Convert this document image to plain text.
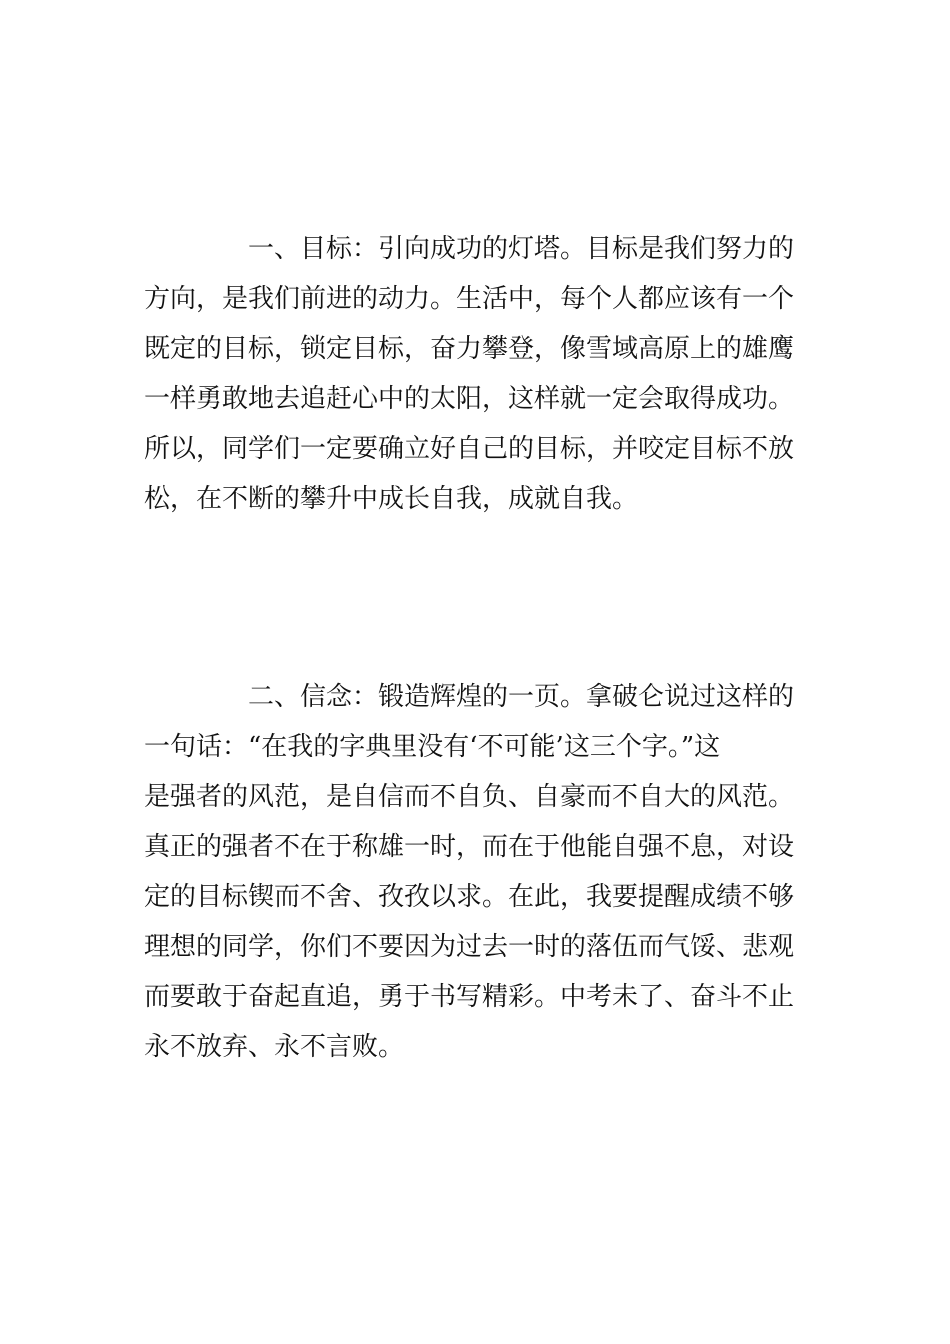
一、目标：引向成功的灯塔。目标是我们努力的
方向，是我们前进的动力。生活中，每个人都应该有一个
既定的目标，锁定目标，奋力攀登，像雪域高原上的雄鹰
一样勇敢地去追赶心中的太阳，这样就一定会取得成功。
所以，同学们一定要确立好自己的目标，并咬定目标不放
松，在不断的攀升中成长自我，成就自我。
二、信念：锻造辉煌的一页。拿破仑说过这样的
一句话：“在我的字典里没有‘不可能’这三个字。”这
是强者的风范，是自信而不自负、自豪而不自大的风范。
真正的强者不在于称雄一时，而在于他能自强不息，对设
定的目标锲而不舍、孜孜以求。在此，我要提醒成绩不够
理想的同学，你们不要因为过去一时的落伍而气馁、悲观
而要敢于奋起直追，勇于书写精彩。中考未了、奋斗不止
永不放弃、永不言败。
